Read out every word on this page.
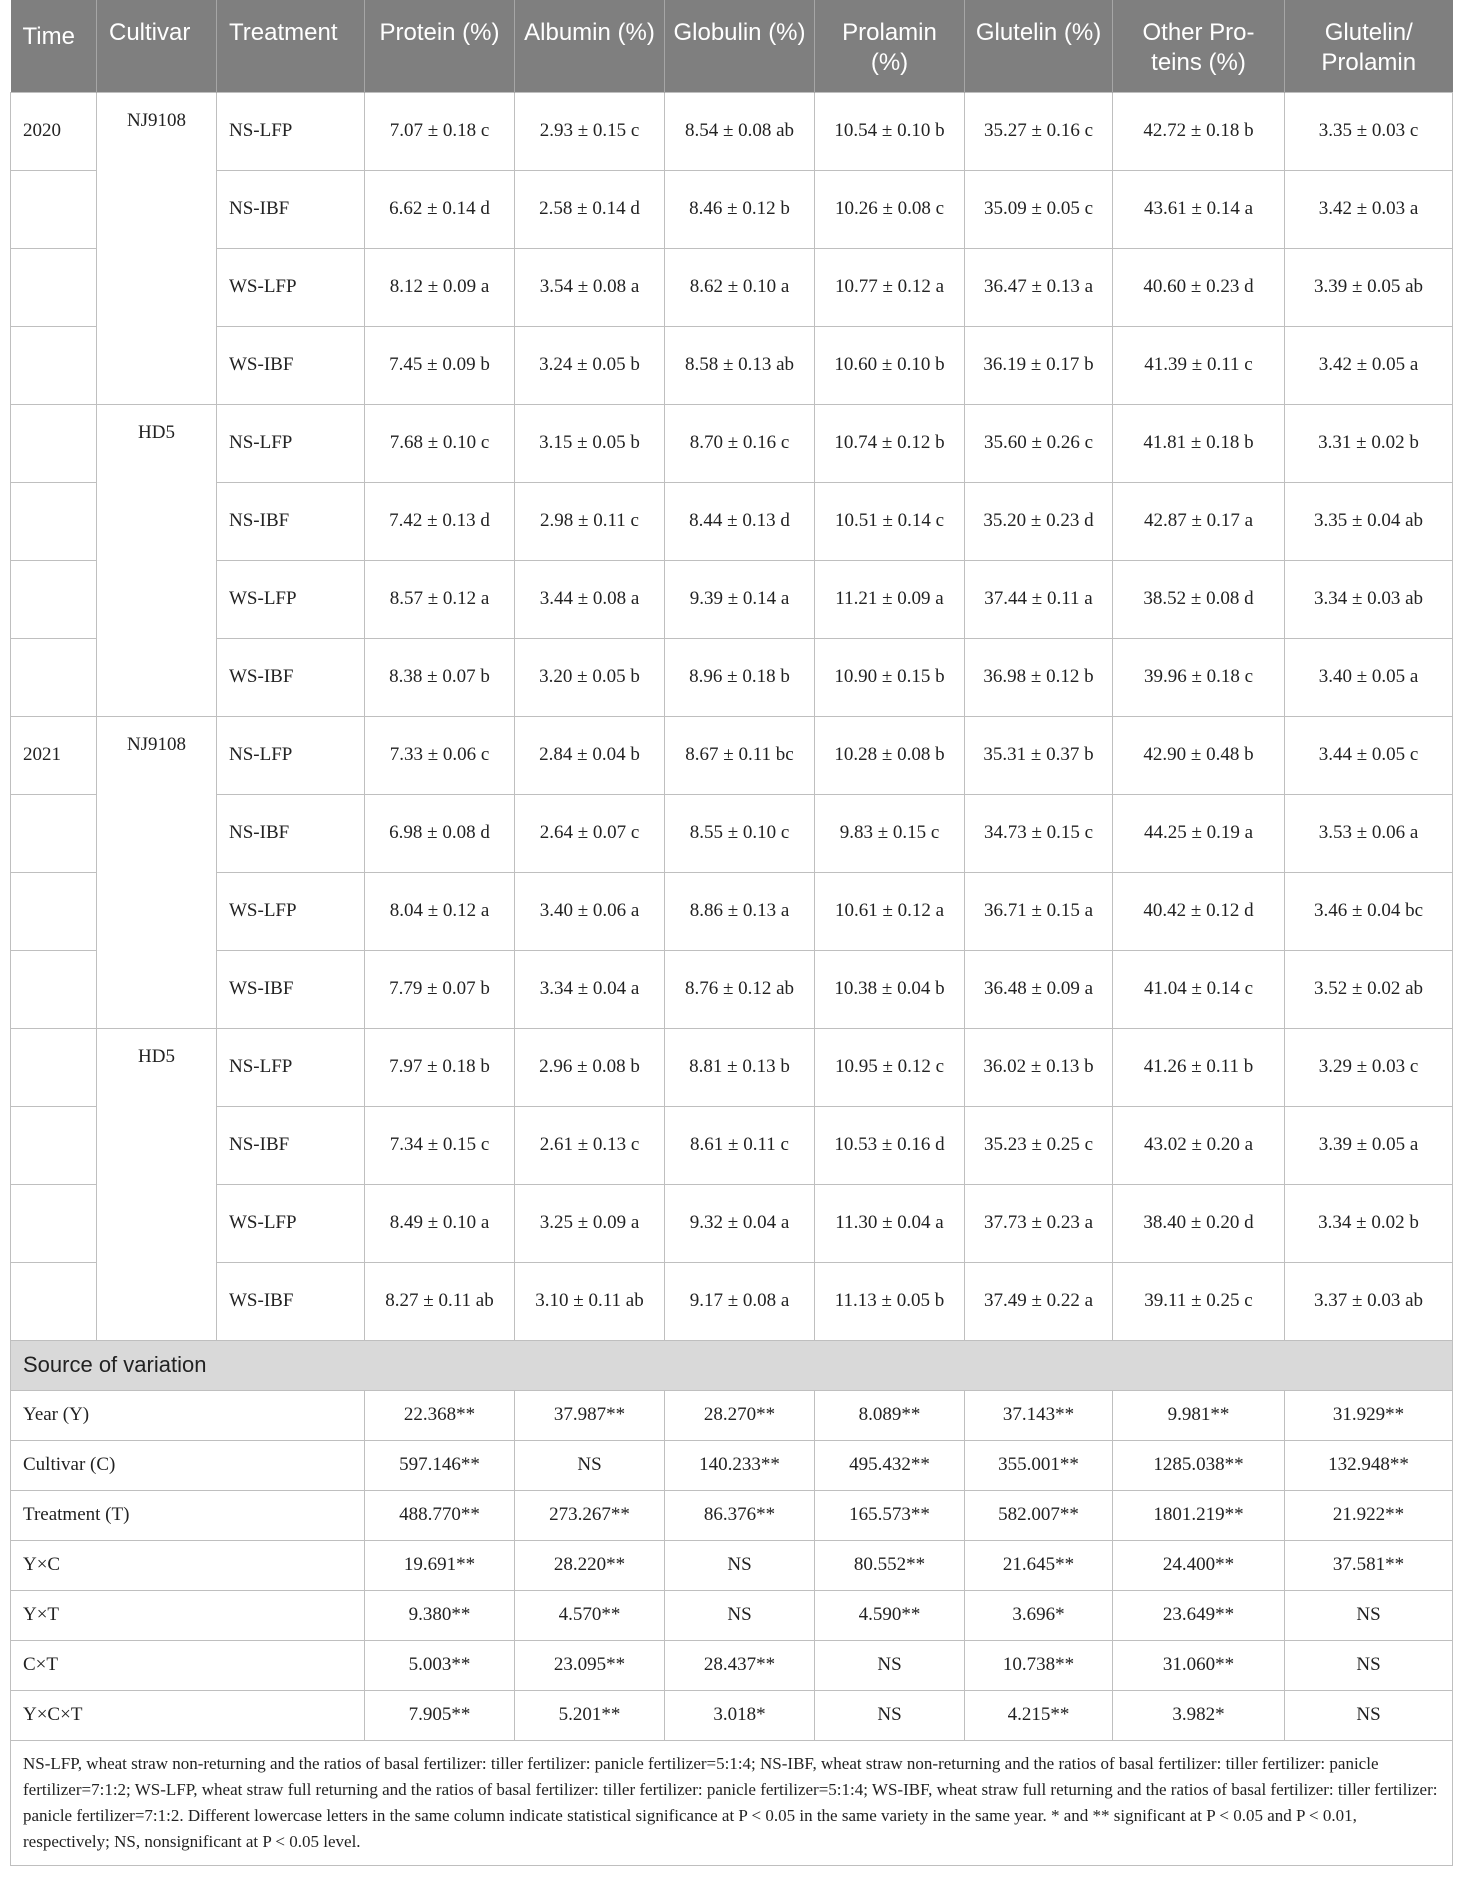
Time	Cultivar	Treatment	Protein (%)	Albumin (%)	Globulin (%)	Prolamin (%)	Glutelin (%)	Other Pro-teins (%)	Glutelin/ Prolamin
2020	NJ9108	NS-LFP	7.07 ± 0.18 c	2.93 ± 0.15 c	8.54 ± 0.08 ab	10.54 ± 0.10 b	35.27 ± 0.16 c	42.72 ± 0.18 b	3.35 ± 0.03 c
		NS-IBF	6.62 ± 0.14 d	2.58 ± 0.14 d	8.46 ± 0.12 b	10.26 ± 0.08 c	35.09 ± 0.05 c	43.61 ± 0.14 a	3.42 ± 0.03 a
		WS-LFP	8.12 ± 0.09 a	3.54 ± 0.08 a	8.62 ± 0.10 a	10.77 ± 0.12 a	36.47 ± 0.13 a	40.60 ± 0.23 d	3.39 ± 0.05 ab
		WS-IBF	7.45 ± 0.09 b	3.24 ± 0.05 b	8.58 ± 0.13 ab	10.60 ± 0.10 b	36.19 ± 0.17 b	41.39 ± 0.11 c	3.42 ± 0.05 a
	HD5	NS-LFP	7.68 ± 0.10 c	3.15 ± 0.05 b	8.70 ± 0.16 c	10.74 ± 0.12 b	35.60 ± 0.26 c	41.81 ± 0.18 b	3.31 ± 0.02 b
		NS-IBF	7.42 ± 0.13 d	2.98 ± 0.11 c	8.44 ± 0.13 d	10.51 ± 0.14 c	35.20 ± 0.23 d	42.87 ± 0.17 a	3.35 ± 0.04 ab
		WS-LFP	8.57 ± 0.12 a	3.44 ± 0.08 a	9.39 ± 0.14 a	11.21 ± 0.09 a	37.44 ± 0.11 a	38.52 ± 0.08 d	3.34 ± 0.03 ab
		WS-IBF	8.38 ± 0.07 b	3.20 ± 0.05 b	8.96 ± 0.18 b	10.90 ± 0.15 b	36.98 ± 0.12 b	39.96 ± 0.18 c	3.40 ± 0.05 a
2021	NJ9108	NS-LFP	7.33 ± 0.06 c	2.84 ± 0.04 b	8.67 ± 0.11 bc	10.28 ± 0.08 b	35.31 ± 0.37 b	42.90 ± 0.48 b	3.44 ± 0.05 c
		NS-IBF	6.98 ± 0.08 d	2.64 ± 0.07 c	8.55 ± 0.10 c	9.83 ± 0.15 c	34.73 ± 0.15 c	44.25 ± 0.19 a	3.53 ± 0.06 a
		WS-LFP	8.04 ± 0.12 a	3.40 ± 0.06 a	8.86 ± 0.13 a	10.61 ± 0.12 a	36.71 ± 0.15 a	40.42 ± 0.12 d	3.46 ± 0.04 bc
		WS-IBF	7.79 ± 0.07 b	3.34 ± 0.04 a	8.76 ± 0.12 ab	10.38 ± 0.04 b	36.48 ± 0.09 a	41.04 ± 0.14 c	3.52 ± 0.02 ab
	HD5	NS-LFP	7.97 ± 0.18 b	2.96 ± 0.08 b	8.81 ± 0.13 b	10.95 ± 0.12 c	36.02 ± 0.13 b	41.26 ± 0.11 b	3.29 ± 0.03 c
		NS-IBF	7.34 ± 0.15 c	2.61 ± 0.13 c	8.61 ± 0.11 c	10.53 ± 0.16 d	35.23 ± 0.25 c	43.02 ± 0.20 a	3.39 ± 0.05 a
		WS-LFP	8.49 ± 0.10 a	3.25 ± 0.09 a	9.32 ± 0.04 a	11.30 ± 0.04 a	37.73 ± 0.23 a	38.40 ± 0.20 d	3.34 ± 0.02 b
		WS-IBF	8.27 ± 0.11 ab	3.10 ± 0.11 ab	9.17 ± 0.08 a	11.13 ± 0.05 b	37.49 ± 0.22 a	39.11 ± 0.25 c	3.37 ± 0.03 ab
Source of variation									
Year (Y)			22.368**	37.987**	28.270**	8.089**	37.143**	9.981**	31.929**
Cultivar (C)			597.146**	NS	140.233**	495.432**	355.001**	1285.038**	132.948**
Treatment (T)			488.770**	273.267**	86.376**	165.573**	582.007**	1801.219**	21.922**
Y×C			19.691**	28.220**	NS	80.552**	21.645**	24.400**	37.581**
Y×T			9.380**	4.570**	NS	4.590**	3.696*	23.649**	NS
C×T			5.003**	23.095**	28.437**	NS	10.738**	31.060**	NS
Y×C×T			7.905**	5.201**	3.018*	NS	4.215**	3.982*	NS
NS-LFP, wheat straw non-returning and the ratios of basal fertilizer: tiller fertilizer: panicle fertilizer=5:1:4; NS-IBF, wheat straw non-returning and the ratios of basal fertilizer: tiller fertilizer: panicle fertilizer=7:1:2; WS-LFP, wheat straw full returning and the ratios of basal fertilizer: tiller fertilizer: panicle fertilizer=5:1:4; WS-IBF, wheat straw full returning and the ratios of basal fertilizer: tiller fertilizer: panicle fertilizer=7:1:2. Different lowercase letters in the same column indicate statistical significance at P < 0.05 in the same variety in the same year. * and ** significant at P < 0.05 and P < 0.01, respectively; NS, nonsignificant at P < 0.05 level.									
